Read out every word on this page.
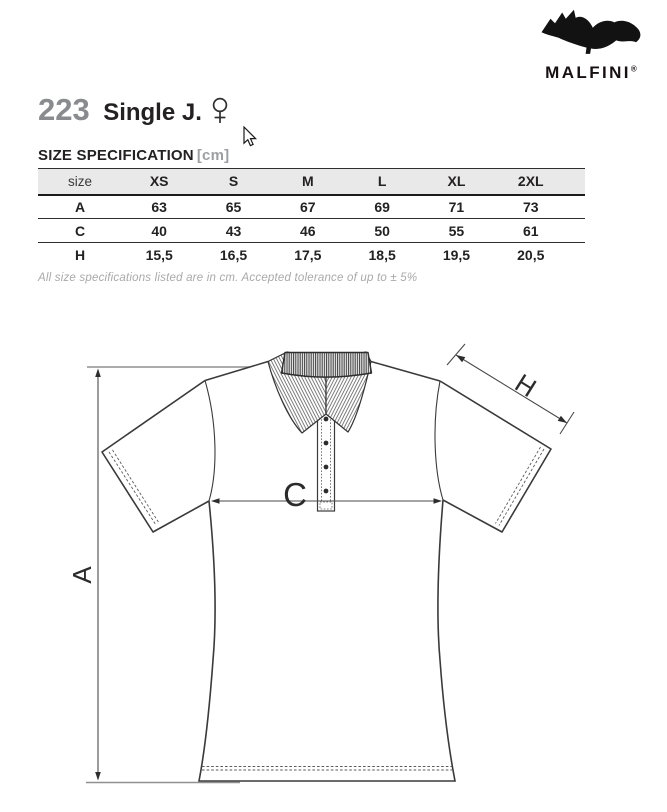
MALFINI®
223 Single J.
SIZE SPECIFICATION [cm]
size	XS	S	M	L	XL	2XL	
A	63	65	67	69	71	73	
C	40	43	46	50	55	61	
H	15,5	16,5	17,5	18,5	19,5	20,5	
All size specifications listed are in cm. Accepted tolerance of up to ± 5%
A
C
H
